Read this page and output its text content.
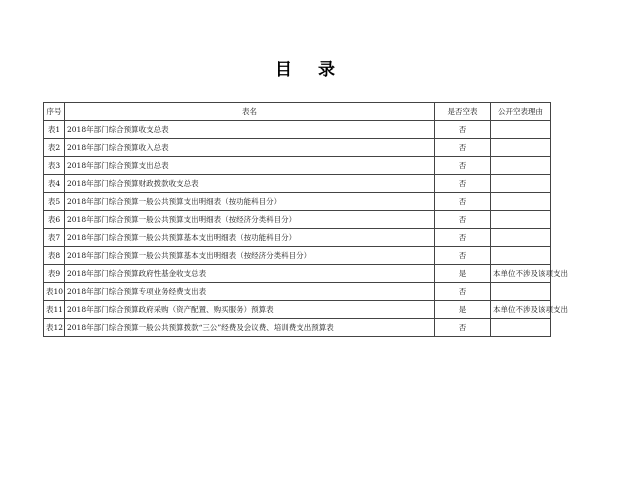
目 录
序号	表名	是否空表	公开空表理由
表1	2018年部门综合预算收支总表	否	
表2	2018年部门综合预算收入总表	否	
表3	2018年部门综合预算支出总表	否	
表4	2018年部门综合预算财政拨款收支总表	否	
表5	2018年部门综合预算一般公共预算支出明细表（按功能科目分）	否	
表6	2018年部门综合预算一般公共预算支出明细表（按经济分类科目分）	否	
表7	2018年部门综合预算一般公共预算基本支出明细表（按功能科目分）	否	
表8	2018年部门综合预算一般公共预算基本支出明细表（按经济分类科目分）	否	
表9	2018年部门综合预算政府性基金收支总表	是	本单位不涉及该项支出
表10	2018年部门综合预算专项业务经费支出表	否	
表11	2018年部门综合预算政府采购（资产配置、购买服务）预算表	是	本单位不涉及该项支出
表12	2018年部门综合预算一般公共预算拨款“三公”经费及会议费、培训费支出预算表	否	
